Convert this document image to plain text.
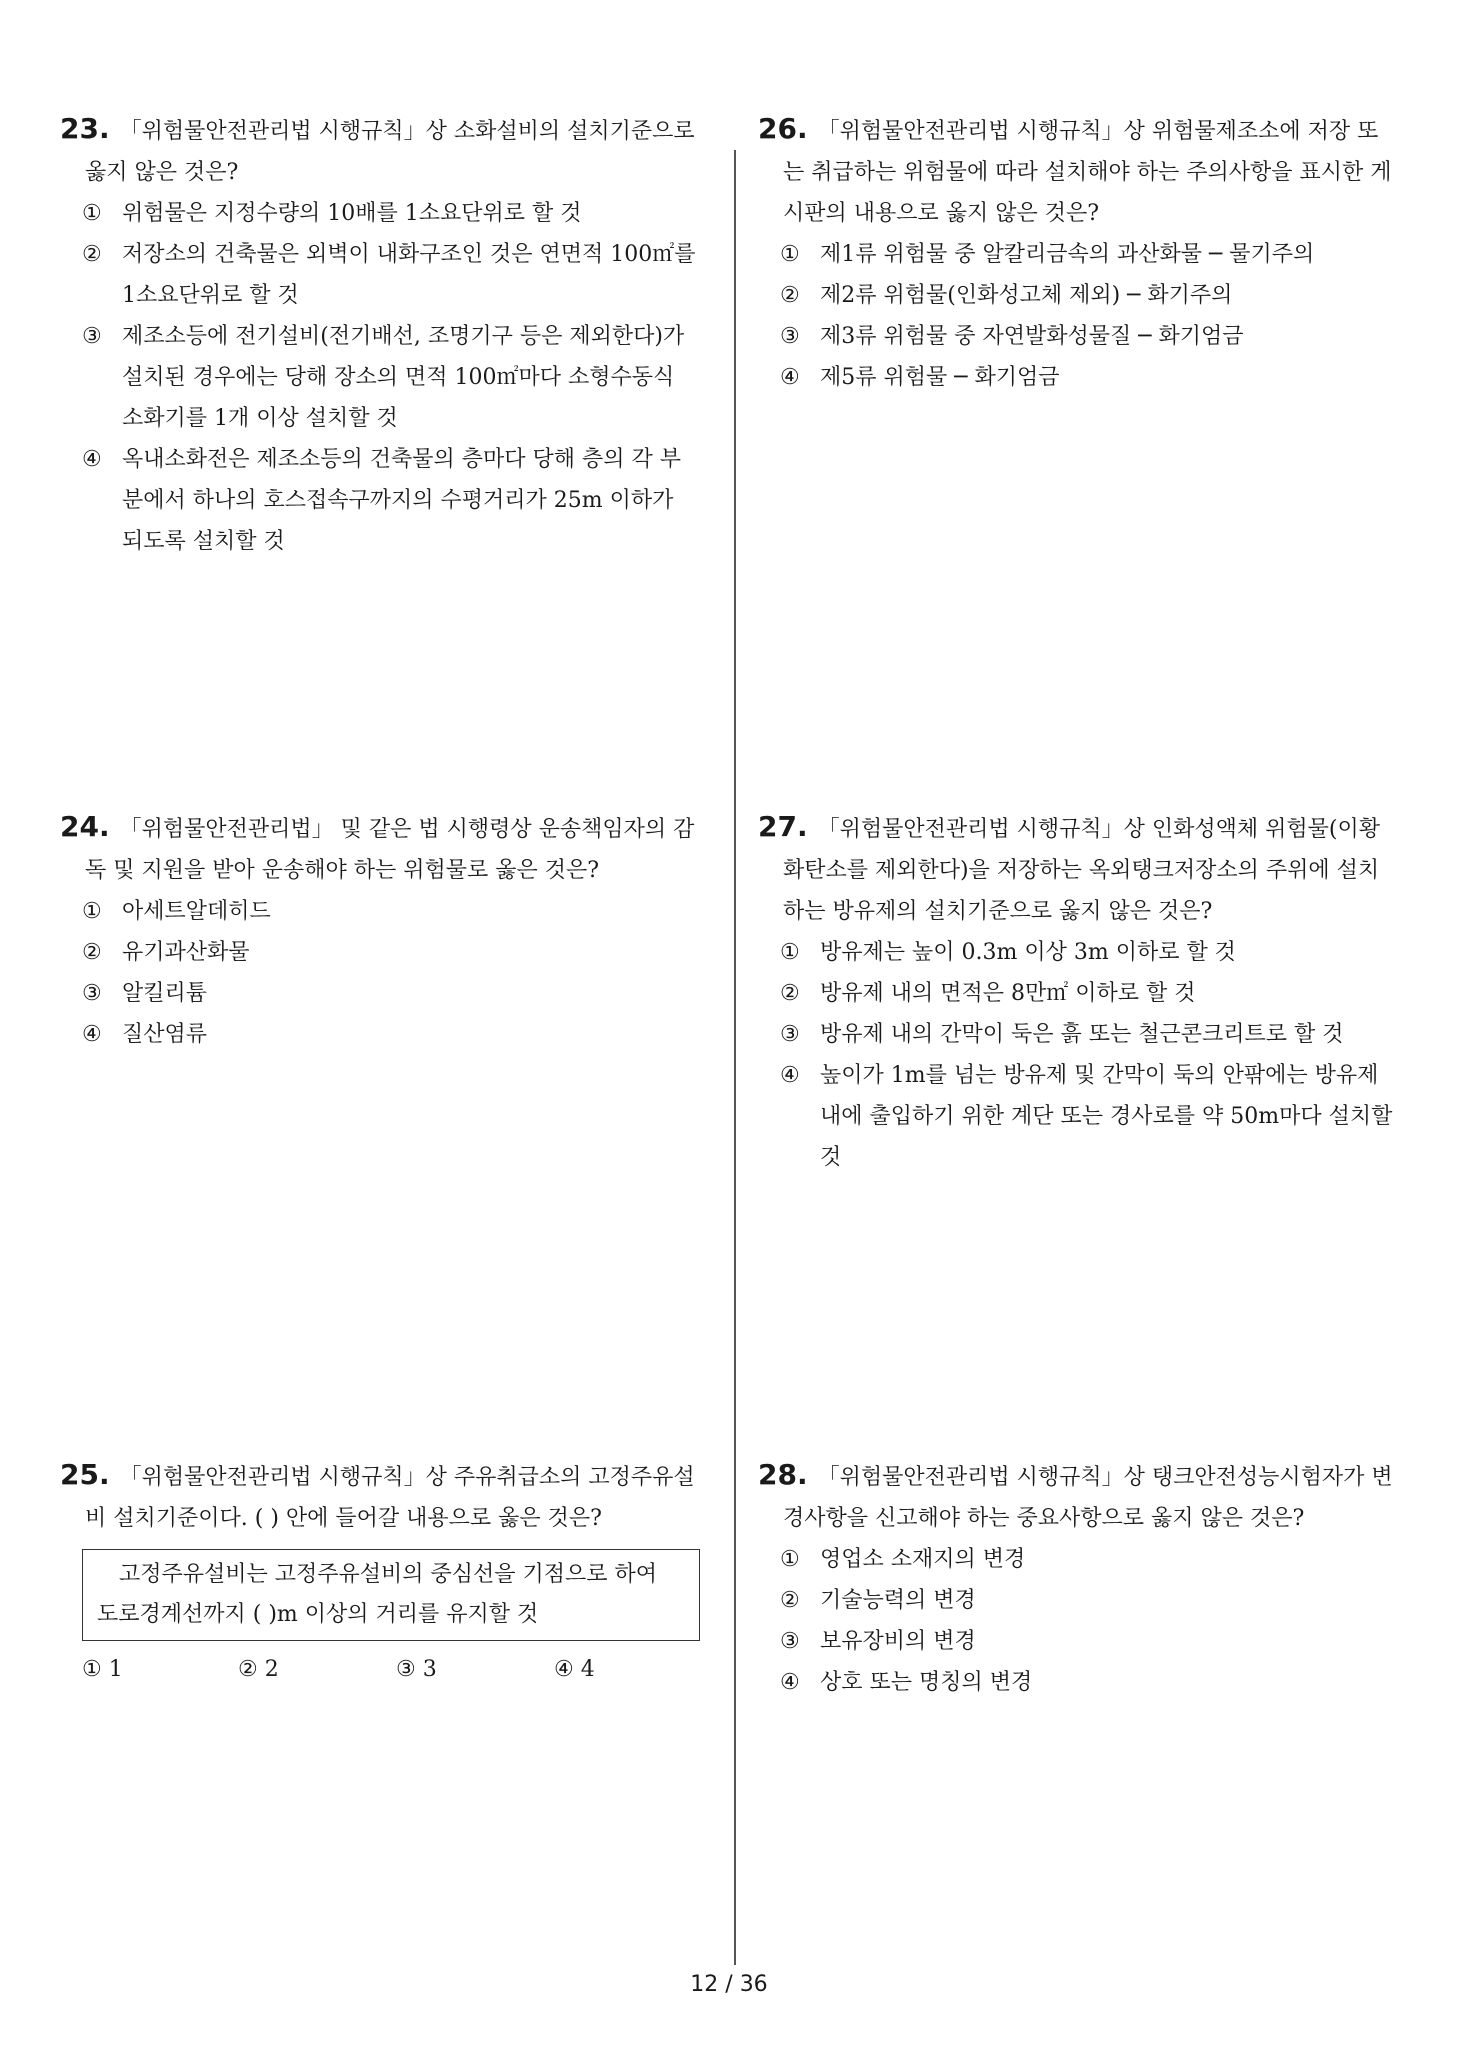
23. 「위험물안전관리법 시행규칙」상 소화설비의 설치기준으로 옳지 않은 것은?
① 위험물은 지정수량의 10배를 1소요단위로 할 것
② 저장소의 건축물은 외벽이 내화구조인 것은 연면적 100㎡를 1소요단위로 할 것
③ 제조소등에 전기설비(전기배선, 조명기구 등은 제외한다)가 설치된 경우에는 당해 장소의 면적 100㎡마다 소형수동식 소화기를 1개 이상 설치할 것
④ 옥내소화전은 제조소등의 건축물의 층마다 당해 층의 각 부분에서 하나의 호스접속구까지의 수평거리가 25m 이하가 되도록 설치할 것
24. 「위험물안전관리법」 및 같은 법 시행령상 운송책임자의 감독 및 지원을 받아 운송해야 하는 위험물로 옳은 것은?
① 아세트알데히드
② 유기과산화물
③ 알킬리튬
④ 질산염류
25. 「위험물안전관리법 시행규칙」상 주유취급소의 고정주유설비 설치기준이다. ( ) 안에 들어갈 내용으로 옳은 것은?
고정주유설비는 고정주유설비의 중심선을 기점으로 하여
도로경계선까지 ( )m 이상의 거리를 유지할 것
① 1	② 2	③ 3	④ 4
26. 「위험물안전관리법 시행규칙」상 위험물제조소에 저장 또는 취급하는 위험물에 따라 설치해야 하는 주의사항을 표시한 게시판의 내용으로 옳지 않은 것은?
① 제1류 위험물 중 알칼리금속의 과산화물 ─ 물기주의
② 제2류 위험물(인화성고체 제외) ─ 화기주의
③ 제3류 위험물 중 자연발화성물질 ─ 화기엄금
④ 제5류 위험물 ─ 화기엄금
27. 「위험물안전관리법 시행규칙」상 인화성액체 위험물(이황화탄소를 제외한다)을 저장하는 옥외탱크저장소의 주위에 설치하는 방유제의 설치기준으로 옳지 않은 것은?
① 방유제는 높이 0.3m 이상 3m 이하로 할 것
② 방유제 내의 면적은 8만㎡ 이하로 할 것
③ 방유제 내의 간막이 둑은 흙 또는 철근콘크리트로 할 것
④ 높이가 1m를 넘는 방유제 및 간막이 둑의 안팎에는 방유제 내에 출입하기 위한 계단 또는 경사로를 약 50m마다 설치할 것
28. 「위험물안전관리법 시행규칙」상 탱크안전성능시험자가 변경사항을 신고해야 하는 중요사항으로 옳지 않은 것은?
① 영업소 소재지의 변경
② 기술능력의 변경
③ 보유장비의 변경
④ 상호 또는 명칭의 변경
12 / 36
